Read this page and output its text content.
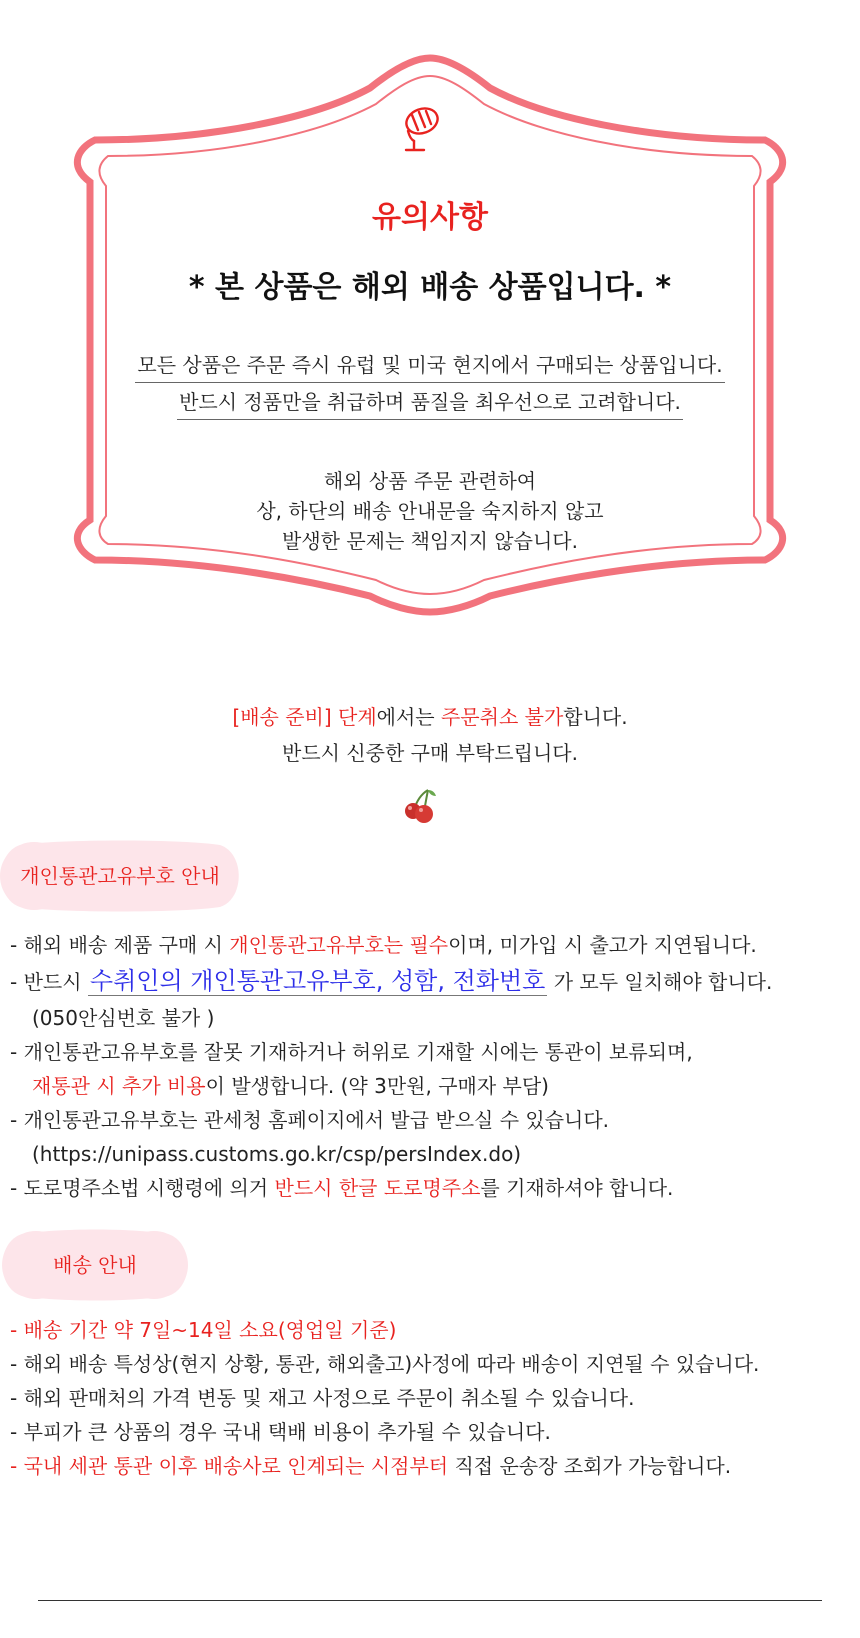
유의사항
* 본 상품은 해외 배송 상품입니다. *
모든 상품은 주문 즉시 유럽 및 미국 현지에서 구매되는 상품입니다.
반드시 정품만을 취급하며 품질을 최우선으로 고려합니다.
해외 상품 주문 관련하여
상, 하단의 배송 안내문을 숙지하지 않고
발생한 문제는 책임지지 않습니다.
[배송 준비] 단계에서는 주문취소 불가합니다.
반드시 신중한 구매 부탁드립니다.
개인통관고유부호 안내
- 해외 배송 제품 구매 시 개인통관고유부호는 필수이며, 미가입 시 출고가 지연됩니다.
- 반드시 수취인의 개인통관고유부호, 성함, 전화번호 가 모두 일치해야 합니다.
(050안심번호 불가 )
- 개인통관고유부호를 잘못 기재하거나 허위로 기재할 시에는 통관이 보류되며,
재통관 시 추가 비용이 발생합니다. (약 3만원, 구매자 부담)
- 개인통관고유부호는 관세청 홈페이지에서 발급 받으실 수 있습니다.
(https://unipass.customs.go.kr/csp/persIndex.do)
- 도로명주소법 시행령에 의거 반드시 한글 도로명주소를 기재하셔야 합니다.
배송 안내
- 배송 기간 약 7일~14일 소요(영업일 기준)
- 해외 배송 특성상(현지 상황, 통관, 해외출고)사정에 따라 배송이 지연될 수 있습니다.
- 해외 판매처의 가격 변동 및 재고 사정으로 주문이 취소될 수 있습니다.
- 부피가 큰 상품의 경우 국내 택배 비용이 추가될 수 있습니다.
- 국내 세관 통관 이후 배송사로 인계되는 시점부터 직접 운송장 조회가 가능합니다.
